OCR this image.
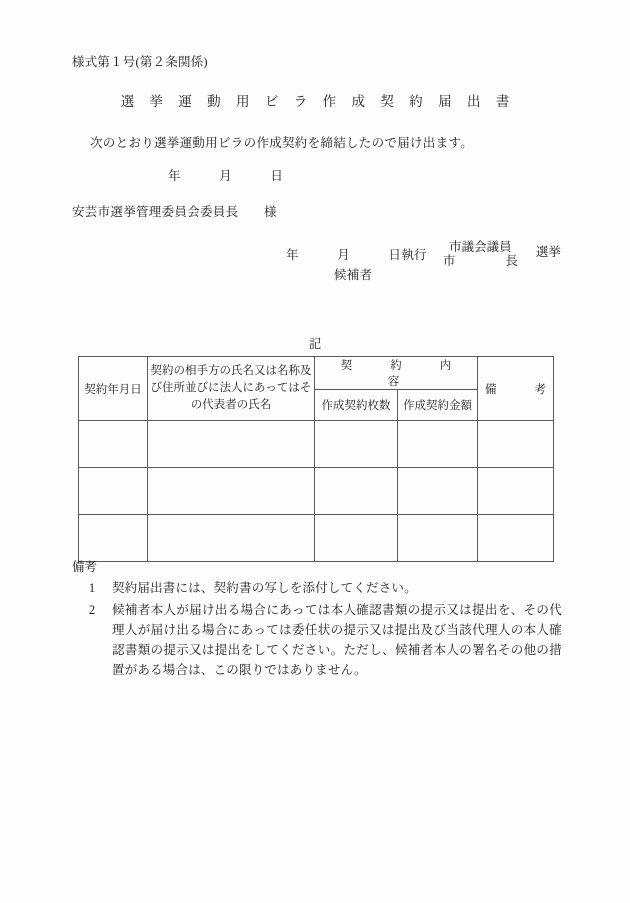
様式第１号(第２条関係)
選 挙 運 動 用 ビ ラ 作 成 契 約 届 出 書
次のとおり選挙運動用ビラの作成契約を締結したので届け出ます。
年　　　月　　　日
安芸市選挙管理委員会委員長　　様
年　　　月　　　日執行
市議会議員
市　　　　長
選挙
候補者
記
契約年月日	契約の相手方の氏名又は名称及び住所並びに法人にあってはその代表者の氏名	契　　約　　内　　容		備　　考
		作成契約枚数	作成契約金額	

備考
1	契約届出書には、契約書の写しを添付してください。
2	候補者本人が届け出る場合にあっては本人確認書類の提示又は提出を、その代理人が届け出る場合にあっては委任状の提示又は提出及び当該代理人の本人確認書類の提示又は提出をしてください。ただし、候補者本人の署名その他の措置がある場合は、この限りではありません。
